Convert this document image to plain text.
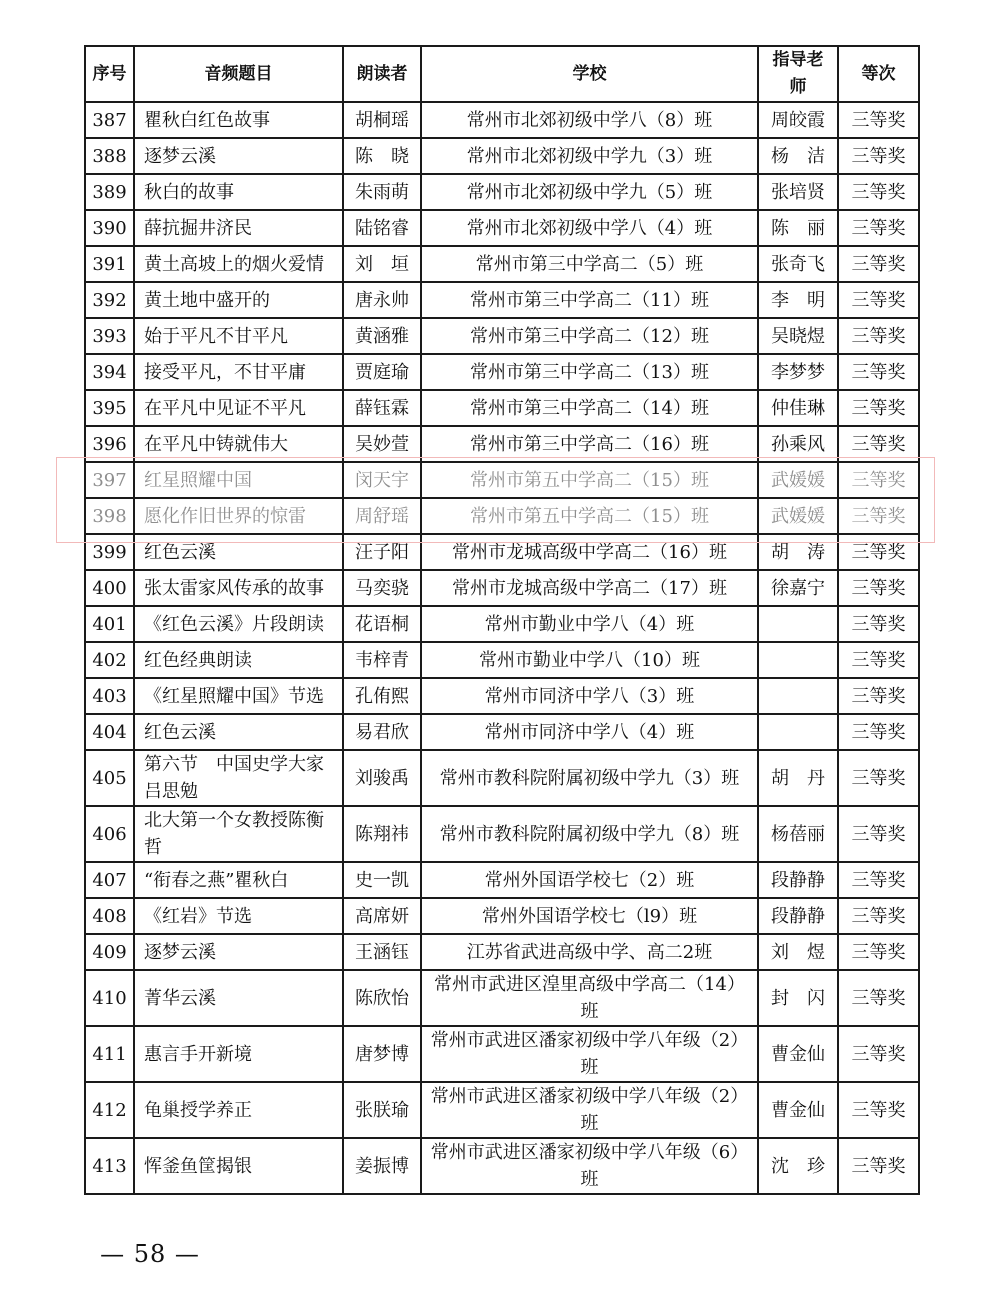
序号	音频题目	朗读者	学校	指导老师	等次
387	瞿秋白红色故事	胡桐瑶	常州市北郊初级中学八（8）班	周皎霞	三等奖
388	逐梦云溪	陈　晓	常州市北郊初级中学九（3）班	杨　洁	三等奖
389	秋白的故事	朱雨萌	常州市北郊初级中学九（5）班	张培贤	三等奖
390	薛抗掘井济民	陆铭睿	常州市北郊初级中学八（4）班	陈　丽	三等奖
391	黄土高坡上的烟火爱情	刘　垣	常州市第三中学高二（5）班	张奇飞	三等奖
392	黄土地中盛开的	唐永帅	常州市第三中学高二（11）班	李　明	三等奖
393	始于平凡不甘平凡	黄涵雅	常州市第三中学高二（12）班	吴晓煜	三等奖
394	接受平凡，不甘平庸	贾庭瑜	常州市第三中学高二（13）班	李梦梦	三等奖
395	在平凡中见证不平凡	薛钰霖	常州市第三中学高二（14）班	仲佳琳	三等奖
396	在平凡中铸就伟大	吴妙萱	常州市第三中学高二（16）班	孙乘风	三等奖
397	红星照耀中国	闵天宇	常州市第五中学高二（15）班	武媛媛	三等奖
398	愿化作旧世界的惊雷	周舒瑶	常州市第五中学高二（15）班	武媛媛	三等奖
399	红色云溪	汪子阳	常州市龙城高级中学高二（16）班	胡　涛	三等奖
400	张太雷家风传承的故事	马奕骁	常州市龙城高级中学高二（17）班	徐嘉宁	三等奖
401	《红色云溪》片段朗读	花语桐	常州市勤业中学八（4）班		三等奖
402	红色经典朗读	韦梓青	常州市勤业中学八（10）班		三等奖
403	《红星照耀中国》节选	孔侑熙	常州市同济中学八（3）班		三等奖
404	红色云溪	易君欣	常州市同济中学八（4）班		三等奖
405	第六节　中国史学大家吕思勉	刘骏禹	常州市教科院附属初级中学九（3）班	胡　丹	三等奖
406	北大第一个女教授陈衡哲	陈翔祎	常州市教科院附属初级中学九（8）班	杨蓓丽	三等奖
407	“衔春之燕”瞿秋白	史一凯	常州外国语学校七（2）班	段静静	三等奖
408	《红岩》节选	高席妍	常州外国语学校七（l9）班	段静静	三等奖
409	逐梦云溪	王涵钰	江苏省武进高级中学、高二2班	刘　煜	三等奖
410	菁华云溪	陈欣怡	常州市武进区湟里高级中学高二（14）班	封　闪	三等奖
411	惠言手开新境	唐梦博	常州市武进区潘家初级中学八年级（2）班	曹金仙	三等奖
412	龟巢授学养正	张朕瑜	常州市武进区潘家初级中学八年级（2）班	曹金仙	三等奖
413	恽釜鱼筐揭银	姜振博	常州市武进区潘家初级中学八年级（6）班	沈　珍	三等奖
— 58 —
